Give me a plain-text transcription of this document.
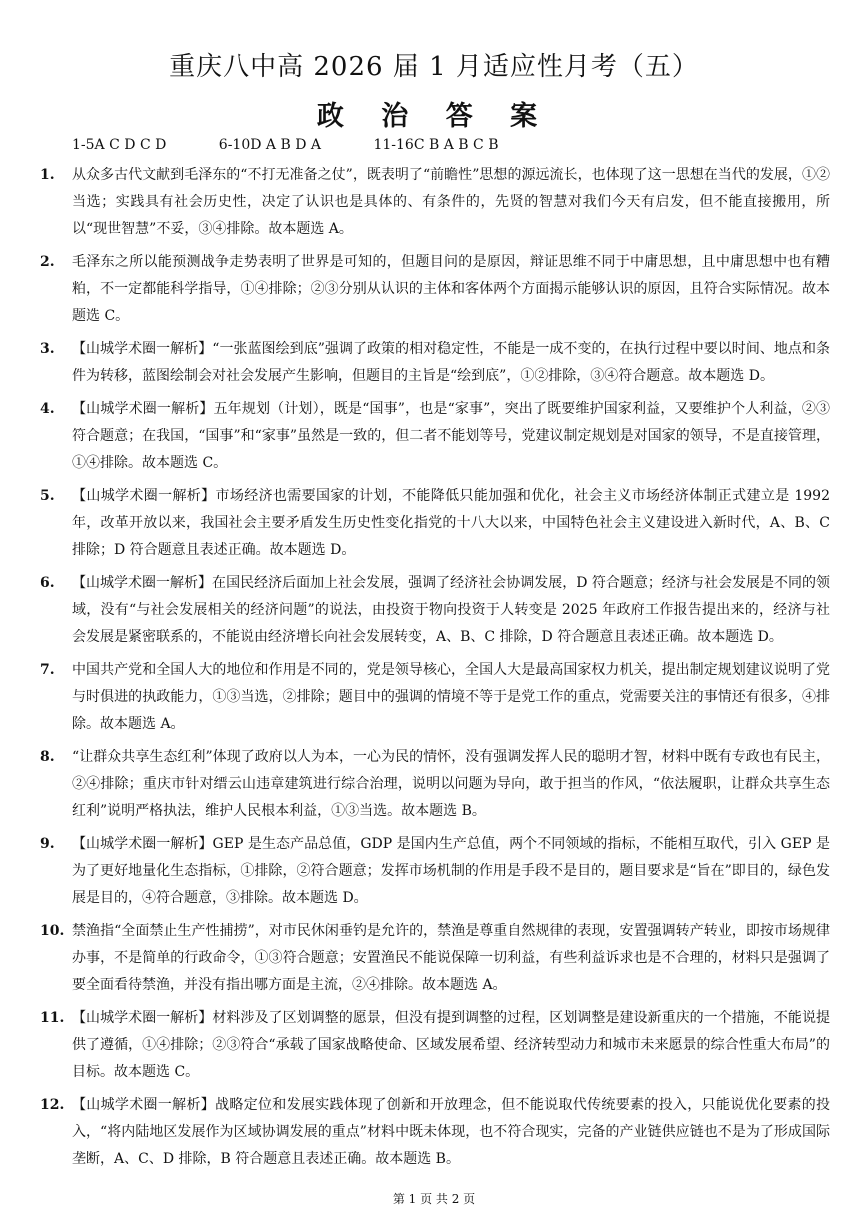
重庆八中高 2026 届 1 月适应性月考（五）
政 治 答 案
1-5A C D C D	6-10D A B D A	11-16C B A B C B
1.	从众多古代文献到毛泽东的“不打无准备之仗”，既表明了“前瞻性”思想的源远流长，也体现了这一思想在当代的发展，①②当选；实践具有社会历史性，决定了认识也是具体的、有条件的，先贤的智慧对我们今天有启发，但不能直接搬用，所以“现世智慧”不妥，③④排除。故本题选 A。
2.	毛泽东之所以能预测战争走势表明了世界是可知的，但题目问的是原因，辩证思维不同于中庸思想，且中庸思想中也有糟粕，不一定都能科学指导，①④排除；②③分别从认识的主体和客体两个方面揭示能够认识的原因，且符合实际情况。故本题选 C。
3.	【山城学术圈一解析】“一张蓝图绘到底”强调了政策的相对稳定性，不能是一成不变的，在执行过程中要以时间、地点和条件为转移，蓝图绘制会对社会发展产生影响，但题目的主旨是“绘到底”，①②排除，③④符合题意。故本题选 D。
4.	【山城学术圈一解析】五年规划（计划），既是“国事”，也是“家事”，突出了既要维护国家利益，又要维护个人利益，②③符合题意；在我国，“国事”和“家事”虽然是一致的，但二者不能划等号，党建议制定规划是对国家的领导，不是直接管理，①④排除。故本题选 C。
5.	【山城学术圈一解析】市场经济也需要国家的计划，不能降低只能加强和优化，社会主义市场经济体制正式建立是 1992 年，改革开放以来，我国社会主要矛盾发生历史性变化指党的十八大以来，中国特色社会主义建设进入新时代，A、B、C 排除；D 符合题意且表述正确。故本题选 D。
6.	【山城学术圈一解析】在国民经济后面加上社会发展，强调了经济社会协调发展，D 符合题意；经济与社会发展是不同的领域，没有“与社会发展相关的经济问题”的说法，由投资于物向投资于人转变是 2025 年政府工作报告提出来的，经济与社会发展是紧密联系的，不能说由经济增长向社会发展转变，A、B、C 排除，D 符合题意且表述正确。故本题选 D。
7.	中国共产党和全国人大的地位和作用是不同的，党是领导核心，全国人大是最高国家权力机关，提出制定规划建议说明了党与时俱进的执政能力，①③当选，②排除；题目中的强调的情境不等于是党工作的重点，党需要关注的事情还有很多，④排除。故本题选 A。
8.	“让群众共享生态红利”体现了政府以人为本，一心为民的情怀，没有强调发挥人民的聪明才智，材料中既有专政也有民主，②④排除；重庆市针对缙云山违章建筑进行综合治理，说明以问题为导向，敢于担当的作风，“依法履职，让群众共享生态红利”说明严格执法，维护人民根本利益，①③当选。故本题选 B。
9.	【山城学术圈一解析】GEP 是生态产品总值，GDP 是国内生产总值，两个不同领域的指标，不能相互取代，引入 GEP 是为了更好地量化生态指标，①排除，②符合题意；发挥市场机制的作用是手段不是目的，题目要求是“旨在”即目的，绿色发展是目的，④符合题意，③排除。故本题选 D。
10. 禁渔指“全面禁止生产性捕捞”，对市民休闲垂钓是允许的，禁渔是尊重自然规律的表现，安置强调转产转业，即按市场规律办事，不是简单的行政命令，①③符合题意；安置渔民不能说保障一切利益，有些利益诉求也是不合理的，材料只是强调了要全面看待禁渔，并没有指出哪方面是主流，②④排除。故本题选 A。
11. 【山城学术圈一解析】材料涉及了区划调整的愿景，但没有提到调整的过程，区划调整是建设新重庆的一个措施，不能说提供了遵循，①④排除；②③符合“承载了国家战略使命、区域发展希望、经济转型动力和城市未来愿景的综合性重大布局”的目标。故本题选 C。
12. 【山城学术圈一解析】战略定位和发展实践体现了创新和开放理念，但不能说取代传统要素的投入，只能说优化要素的投入，“将内陆地区发展作为区域协调发展的重点”材料中既未体现，也不符合现实，完备的产业链供应链也不是为了形成国际垄断，A、C、D 排除，B 符合题意且表述正确。故本题选 B。
第 1 页 共 2 页
